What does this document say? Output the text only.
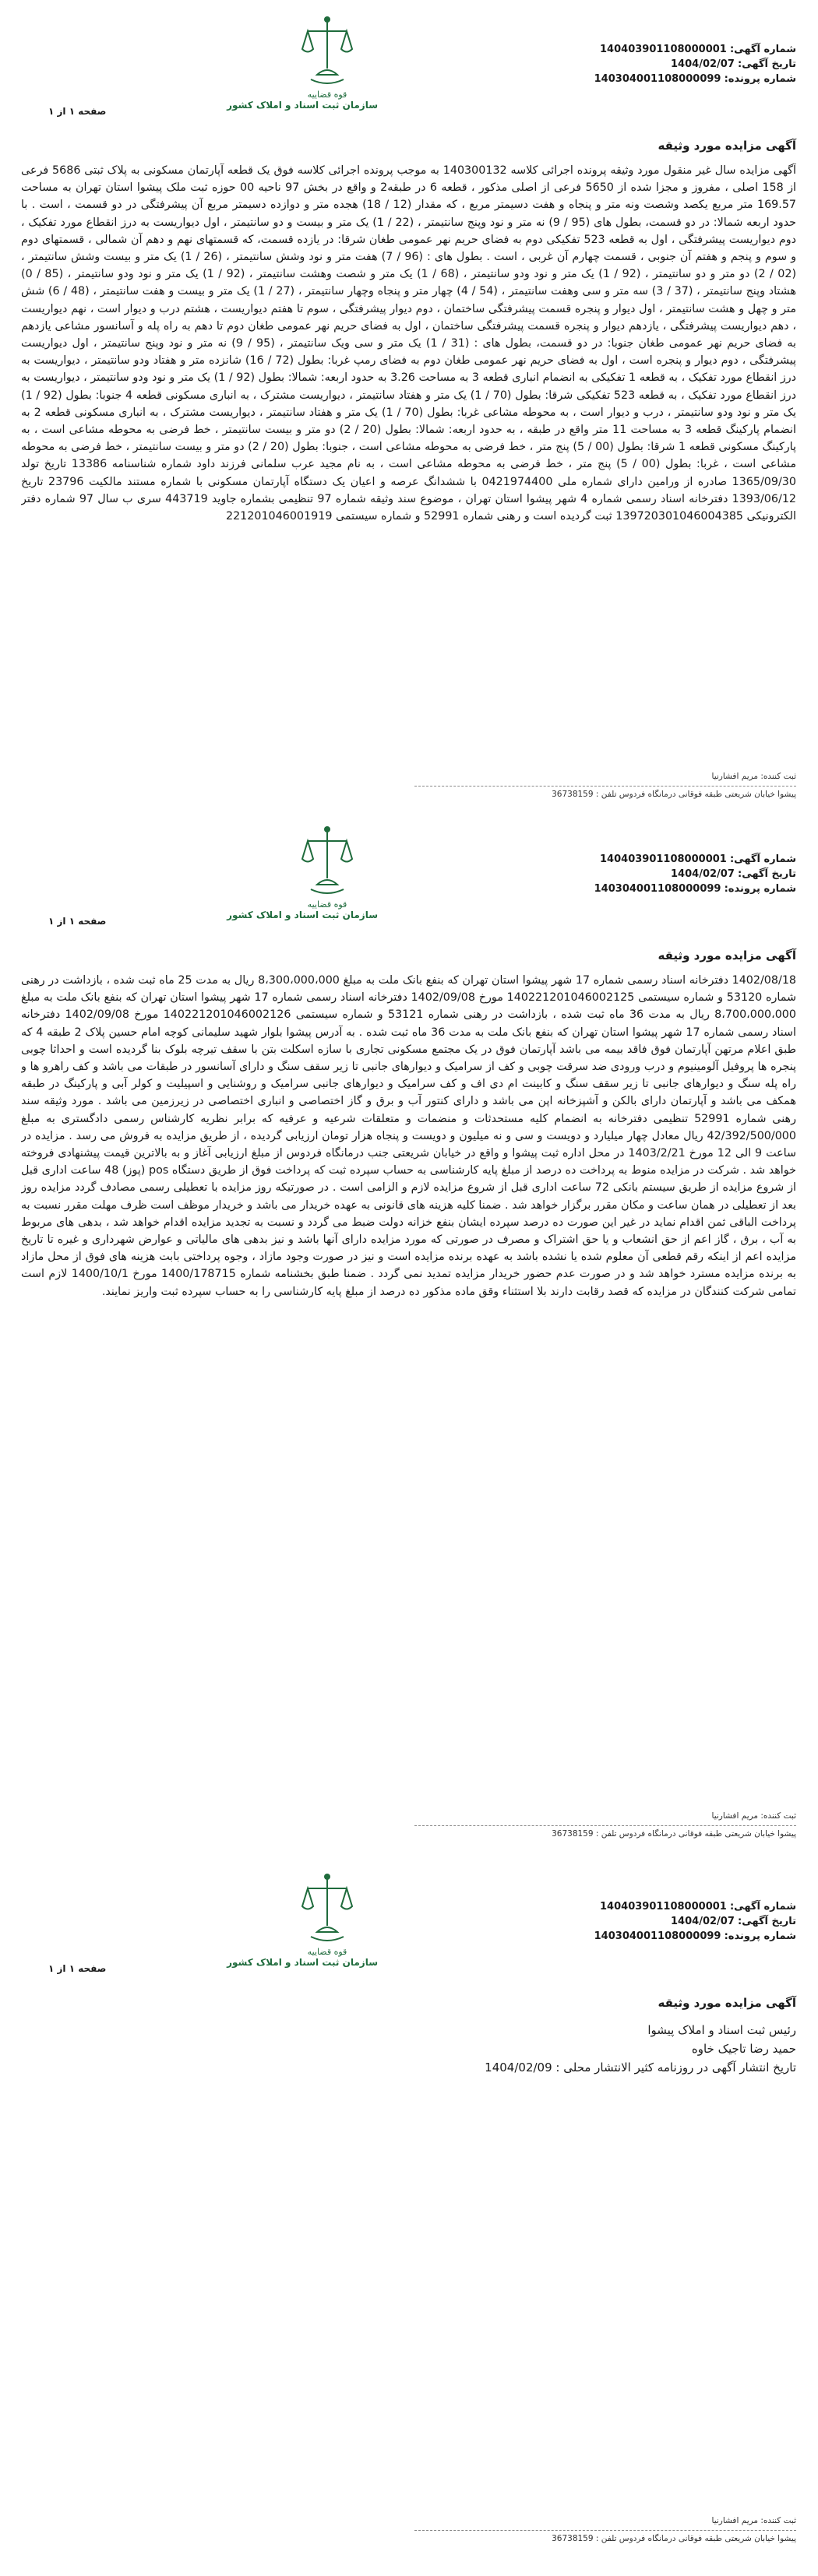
شماره آگهی: 140403901108000001
تاریخ آگهی: 1404/02/07
شماره پرونده: 140304001108000099
قوه قضاییه
سازمان ثبت اسناد و املاک کشور
صفحه ۱ از ۱
آگهی مزایده مورد وثیقه
آگهی مزایده سال غیر منقول مورد وثیقه پرونده اجرائی کلاسه 140300132 به موجب پرونده اجرائی کلاسه فوق یک قطعه آپارتمان مسکونی به پلاک ثبتی 5686 فرعی از 158 اصلی ، مفروز و مجزا شده از 5650 فرعی از اصلی مذکور ، قطعه 6 در طبقه2 و واقع در بخش 97 ناحیه 00 حوزه ثبت ملک پیشوا استان تهران به مساحت 169.57 متر مربع یکصد وشصت ونه متر و پنجاه و هفت دسیمتر مربع ، که مقدار (12 / 18) هجده متر و دوازده دسیمتر مربع آن پیشرفتگی در دو قسمت ، است . با حدود اربعه شمالا: در دو قسمت، بطول های (95 / 9) نه متر و نود وپنج سانتیمتر ، (22 / 1) یک متر و بیست و دو سانتیمتر ، اول دیواریست به درز انقطاع مورد تفکیک ، دوم دیواریست پیشرفتگی ، اول به قطعه 523 تفکیکی دوم به فضای حریم نهر عمومی طغان شرقا: در یازده قسمت، که قسمتهای نهم و دهم آن شمالی ، قسمتهای دوم و سوم و پنجم و هفتم آن جنوبی ، قسمت چهارم آن غربی ، است . بطول های : (96 / 7) هفت متر و نود وشش سانتیمتر ، (26 / 1) یک متر و بیست وشش سانتیمتر ، (02 / 2) دو متر و دو سانتیمتر ، (92 / 1) یک متر و نود ودو سانتیمتر ، (68 / 1) یک متر و شصت وهشت سانتیمتر ، (92 / 1) یک متر و نود ودو سانتیمتر ، (85 / 0) هشتاد وپنج سانتیمتر ، (37 / 3) سه متر و سی وهفت سانتیمتر ، (54 / 4) چهار متر و پنجاه وچهار سانتیمتر ، (27 / 1) یک متر و بیست و هفت سانتیمتر ، (48 / 6) شش متر و چهل و هشت سانتیمتر ، اول دیوار و پنجره قسمت پیشرفتگی ساختمان ، دوم دیوار پیشرفتگی ، سوم تا هفتم دیواریست ، هشتم درب و دیوار است ، نهم دیواریست ، دهم دیواریست پیشرفتگی ، یازدهم دیوار و پنجره قسمت پیشرفتگی ساختمان ، اول به فضای حریم نهر عمومی طغان دوم تا دهم به راه پله و آسانسور مشاعی یازدهم به فضای حریم نهر عمومی طغان جنوبا: در دو قسمت، بطول های : (31 / 1) یک متر و سی ویک سانتیمتر ، (95 / 9) نه متر و نود وپنج سانتیمتر ، اول دیواریست پیشرفتگی ، دوم دیوار و پنجره است ، اول به فضای حریم نهر عمومی طغان دوم به فضای رمپ غربا: بطول (72 / 16) شانزده متر و هفتاد ودو سانتیمتر ، دیواریست به درز انقطاع مورد تفکیک ، به قطعه 1 تفکیکی به انضمام انباری قطعه 3 به مساحت 3.26 به حدود اربعه: شمالا: بطول (92 / 1) یک متر و نود ودو سانتیمتر ، دیواریست به درز انقطاع مورد تفکیک ، به قطعه 523 تفکیکی شرقا: بطول (70 / 1) یک متر و هفتاد سانتیمتر ، دیواریست مشترک ، به انباری مسکونی قطعه 4 جنوبا: بطول (92 / 1) یک متر و نود ودو سانتیمتر ، درب و دیوار است ، به محوطه مشاعی غربا: بطول (70 / 1) یک متر و هفتاد سانتیمتر ، دیواریست مشترک ، به انباری مسکونی قطعه 2 به انضمام پارکینگ قطعه 3 به مساحت 11 متر واقع در طبقه ، به حدود اربعه: شمالا: بطول (20 / 2) دو متر و بیست سانتیمتر ، خط فرضی به محوطه مشاعی است ، به پارکینگ مسکونی قطعه 1 شرقا: بطول (00 / 5) پنج متر ، خط فرضی به محوطه مشاعی است ، جنوبا: بطول (20 / 2) دو متر و بیست سانتیمتر ، خط فرضی به محوطه مشاعی است ، غربا: بطول (00 / 5) پنج متر ، خط فرضی به محوطه مشاعی است ، به نام مجید عرب سلمانی فرزند داود شماره شناسنامه 13386 تاریخ تولد 1365/09/30 صادره از ورامین دارای شماره ملی 0421974400 با ششدانگ عرصه و اعیان یک دستگاه آپارتمان مسکونی با شماره مستند مالکیت 23796 تاریخ 1393/06/12 دفترخانه اسناد رسمی شماره 4 شهر پیشوا استان تهران ، موضوع سند وثیقه شماره 97 تنظیمی بشماره جاوید 443719 سری ب سال 97 شماره دفتر الکترونیکی 139720301046004385 ثبت گردیده است و رهنی شماره 52991 و شماره سیستمی 221201046001919
ثبت کننده: مریم افشارنیا
پیشوا خیابان شریعتی طبقه فوقانی درمانگاه فردوس تلفن : 36738159
شماره آگهی: 140403901108000001
تاریخ آگهی: 1404/02/07
شماره پرونده: 140304001108000099
قوه قضاییه
سازمان ثبت اسناد و املاک کشور
صفحه ۱ از ۱
آگهی مزایده مورد وثیقه
1402/08/18 دفترخانه اسناد رسمی شماره 17 شهر پیشوا استان تهران که بنفع بانک ملت به مبلغ 8،300،000،000 ریال به مدت 25 ماه ثبت شده ، بازداشت در رهنی شماره 53120 و شماره سیستمی 140221201046002125 مورخ 1402/09/08 دفترخانه اسناد رسمی شماره 17 شهر پیشوا استان تهران که بنفع بانک ملت به مبلغ 8،700،000،000 ریال به مدت 36 ماه ثبت شده ، بازداشت در رهنی شماره 53121 و شماره سیستمی 140221201046002126 مورخ 1402/09/08 دفترخانه اسناد رسمی شماره 17 شهر پیشوا استان تهران که بنفع بانک ملت به مدت 36 ماه ثبت شده . به آدرس پیشوا بلوار شهید سلیمانی کوچه امام حسین پلاک 2 طبقه 4 که طبق اعلام مرتهن آپارتمان فوق فاقد بیمه می باشد آپارتمان فوق در یک مجتمع مسکونی تجاری با سازه اسکلت بتن با سقف تیرچه بلوک بنا گردیده است و احداثا چوبی پنجره ها پروفیل آلومینیوم و درب ورودی ضد سرقت چوبی و کف از سرامیک و دیوارهای جانبی تا زیر سقف سنگ و دارای آسانسور در طبقات می باشد و کف راهرو ها و راه پله سنگ و دیوارهای جانبی تا زیر سقف سنگ و کابینت ام دی اف و کف سرامیک و دیوارهای جانبی سرامیک و روشنایی و اسپیلیت و کولر آبی و پارکینگ در طبقه همکف می باشد و آپارتمان دارای بالکن و آشپزخانه اپن می باشد و دارای کنتور آب و برق و گاز اختصاصی و انباری اختصاصی در زیرزمین می باشد . مورد وثیقه سند رهنی شماره 52991 تنظیمی دفترخانه به انضمام کلیه مستحدثات و منضمات و متعلقات شرعیه و عرفیه که برابر نظریه کارشناس رسمی دادگستری به مبلغ 42/392/500/000 ریال معادل چهار میلیارد و دویست و سی و نه میلیون و دویست و پنجاه هزار تومان ارزیابی گردیده ، از طریق مزایده به فروش می رسد . مزایده در ساعت 9 الی 12 مورخ 1403/2/21 در محل اداره ثبت پیشوا و واقع در خیابان شریعتی جنب درمانگاه فردوس از مبلغ ارزیابی آغاز و به بالاترین قیمت پیشنهادی فروخته خواهد شد . شرکت در مزایده منوط به پرداخت ده درصد از مبلغ پایه کارشناسی به حساب سپرده ثبت که پرداخت فوق از طریق دستگاه pos (پوز) 48 ساعت اداری قبل از شروع مزایده از طریق سیستم بانکی 72 ساعت اداری قبل از شروع مزایده لازم و الزامی است . در صورتیکه روز مزایده با تعطیلی رسمی مصادف گردد مزایده روز بعد از تعطیلی در همان ساعت و مکان مقرر برگزار خواهد شد . ضمنا کلیه هزینه های قانونی به عهده خریدار می باشد و خریدار موظف است ظرف مهلت مقرر نسبت به پرداخت الباقی ثمن اقدام نماید در غیر این صورت ده درصد سپرده ایشان بنفع خزانه دولت ضبط می گردد و نسبت به تجدید مزایده اقدام خواهد شد ، بدهی های مربوط به آب ، برق ، گاز اعم از حق انشعاب و یا حق اشتراک و مصرف در صورتی که مورد مزایده دارای آنها باشد و نیز بدهی های مالیاتی و عوارض شهرداری و غیره تا تاریخ مزایده اعم از اینکه رقم قطعی آن معلوم شده یا نشده باشد به عهده برنده مزایده است و نیز در صورت وجود مازاد ، وجوه پرداختی بابت هزینه های فوق از محل مازاد به برنده مزایده مسترد خواهد شد و در صورت عدم حضور خریدار مزایده تمدید نمی گردد . ضمنا طبق بخشنامه شماره 1400/178715 مورخ 1400/10/1 لازم است تمامی شرکت کنندگان در مزایده که قصد رقابت دارند بلا استثناء وقق ماده مذکور ده درصد از مبلغ پایه کارشناسی را به حساب سپرده ثبت واریز نمایند.
ثبت کننده: مریم افشارنیا
پیشوا خیابان شریعتی طبقه فوقانی درمانگاه فردوس تلفن : 36738159
شماره آگهی: 140403901108000001
تاریخ آگهی: 1404/02/07
شماره پرونده: 140304001108000099
قوه قضاییه
سازمان ثبت اسناد و املاک کشور
صفحه ۱ از ۱
آگهی مزایده مورد وثیقه
رئیس ثبت اسناد و املاک پیشوا
حمید رضا تاجیک خاوه
تاریخ انتشار آگهی در روزنامه کثیر الانتشار محلی : 1404/02/09
ثبت کننده: مریم افشارنیا
پیشوا خیابان شریعتی طبقه فوقانی درمانگاه فردوس تلفن : 36738159
